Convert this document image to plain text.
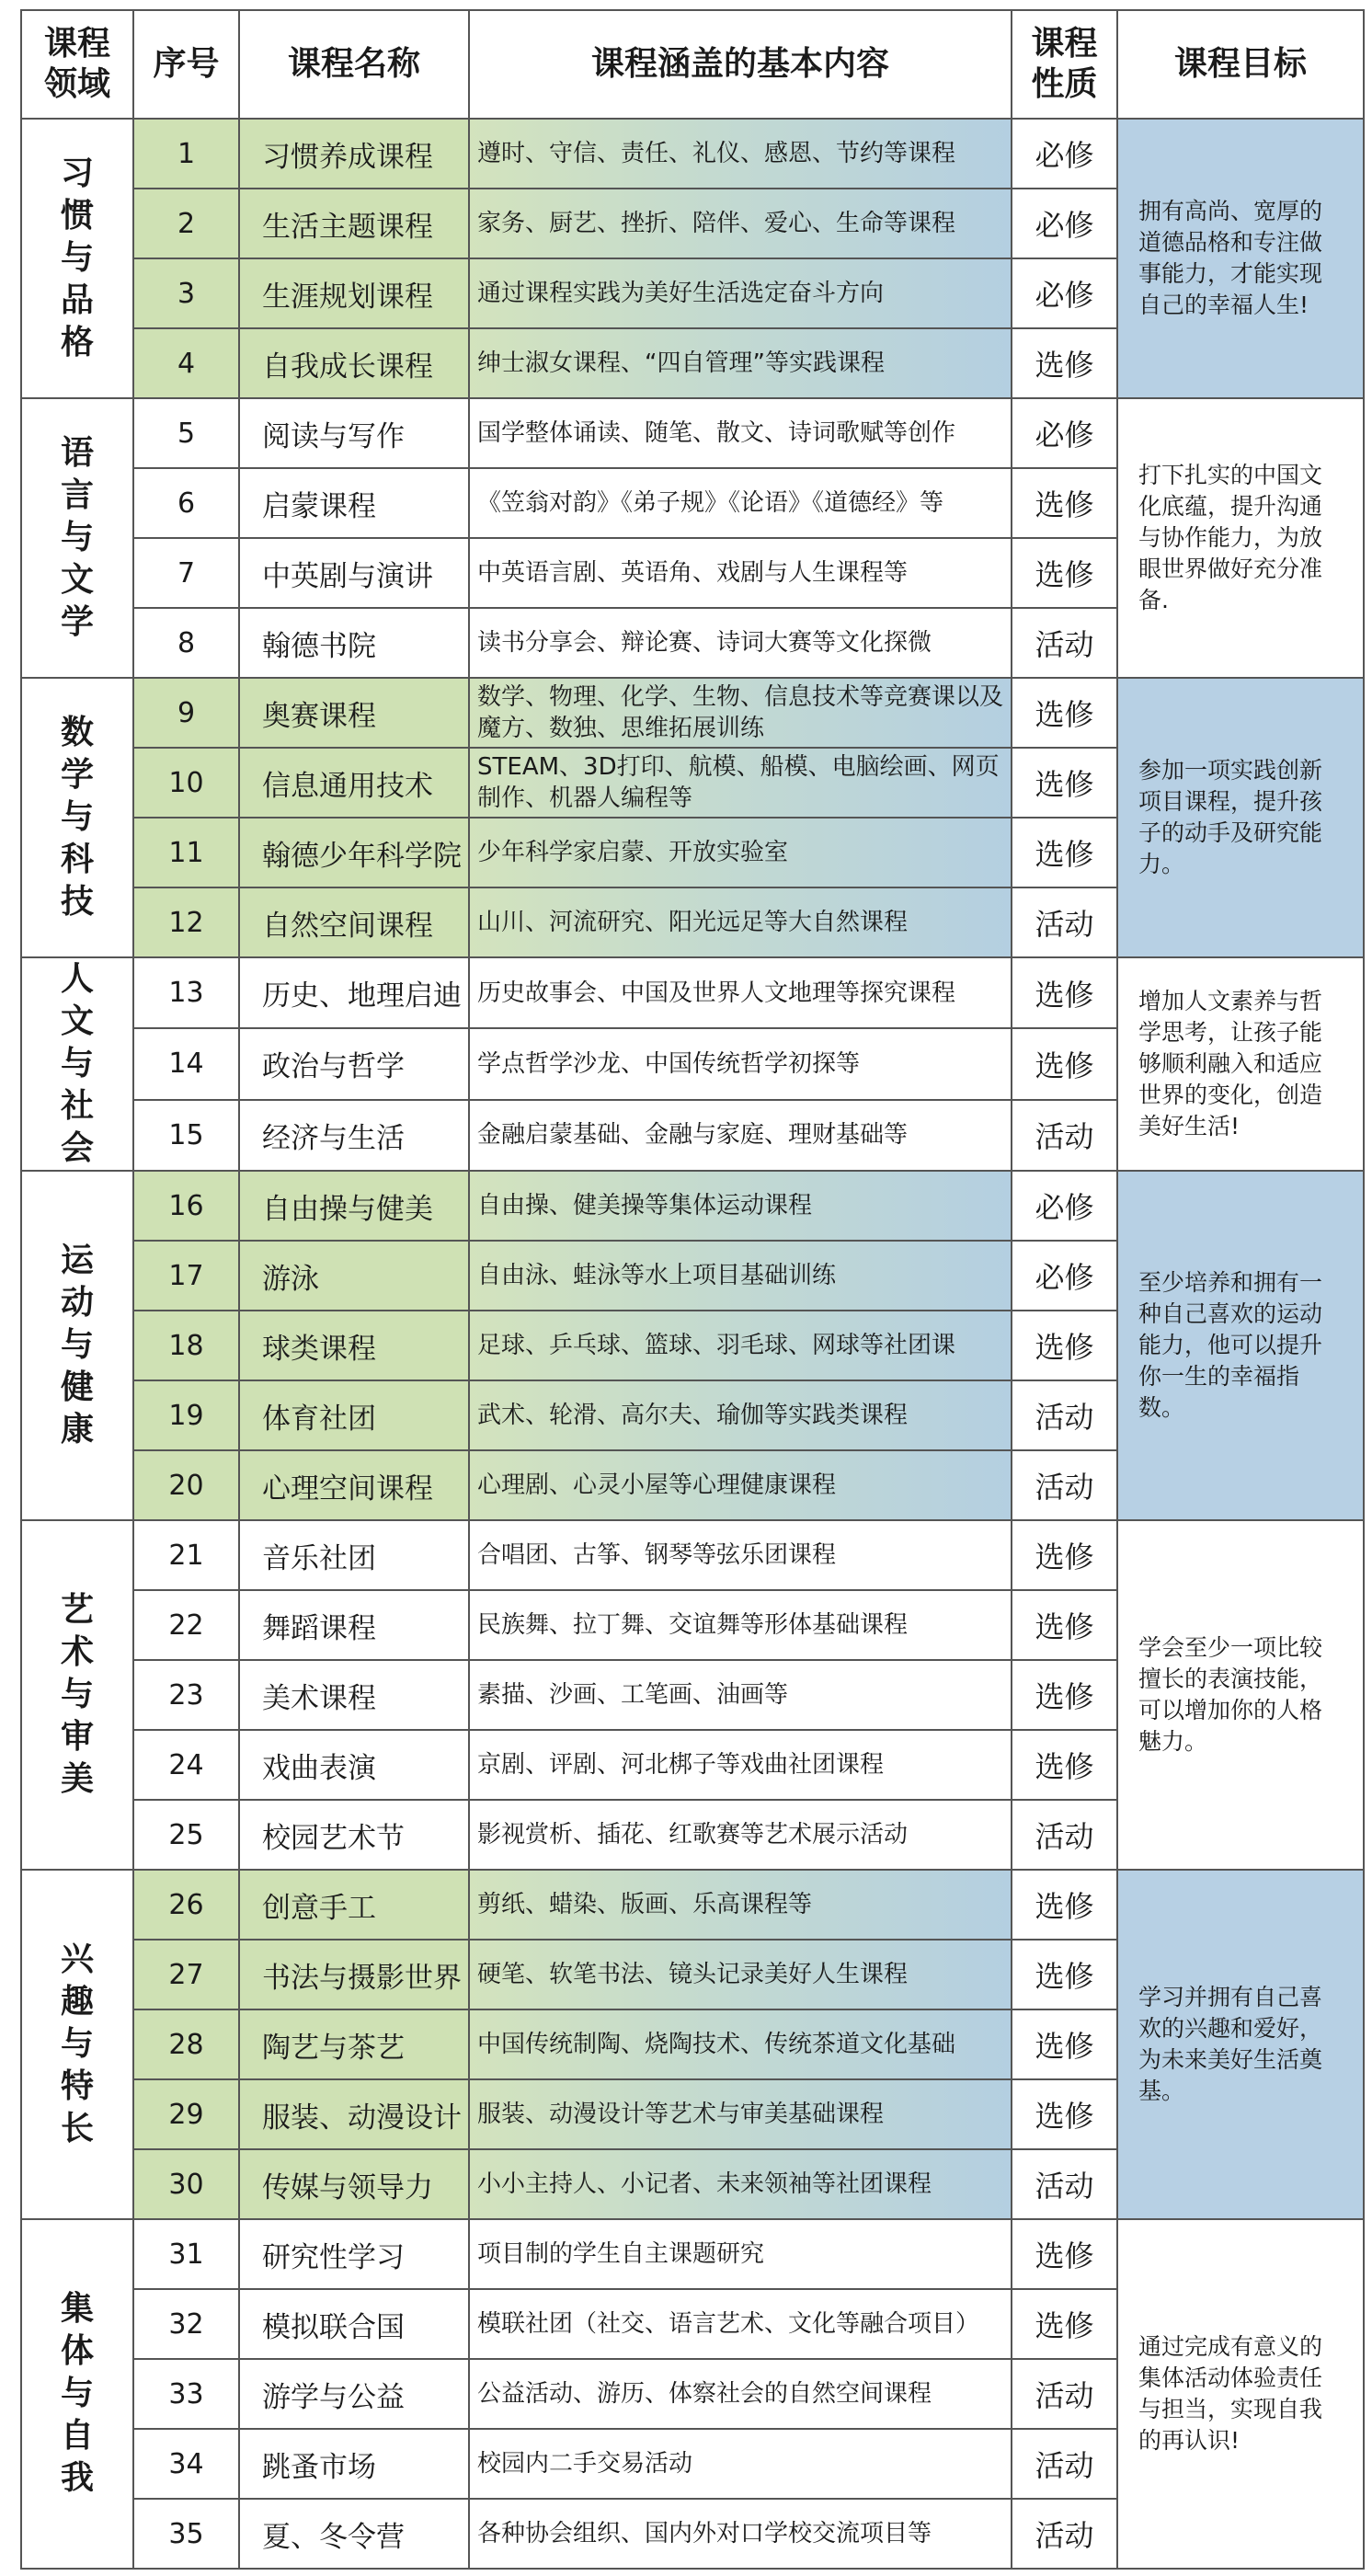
课程领域	序号	课程名称	课程涵盖的基本内容	课程性质	课程目标
习惯与品格	1	习惯养成课程	遵时、守信、责任、礼仪、感恩、节约等课程	必修	拥有高尚、宽厚的道德品格和专注做事能力，才能实现自己的幸福人生!
	2	生活主题课程	家务、厨艺、挫折、陪伴、爱心、生命等课程	必修	
	3	生涯规划课程	通过课程实践为美好生活选定奋斗方向	必修	
	4	自我成长课程	绅士淑女课程、“四自管理”等实践课程	选修	
语言与文学	5	阅读与写作	国学整体诵读、随笔、散文、诗词歌赋等创作	必修	打下扎实的中国文化底蕴，提升沟通与协作能力，为放眼世界做好充分准备.
	6	启蒙课程	《笠翁对韵》《弟子规》《论语》《道德经》等	选修	
	7	中英剧与演讲	中英语言剧、英语角、戏剧与人生课程等	选修	
	8	翰德书院	读书分享会、辩论赛、诗词大赛等文化探微	活动	
数学与科技	9	奥赛课程	数学、物理、化学、生物、信息技术等竞赛课以及魔方、数独、思维拓展训练	选修	参加一项实践创新项目课程，提升孩子的动手及研究能力。
	10	信息通用技术	STEAM、3D打印、航模、船模、电脑绘画、网页制作、机器人编程等	选修	
	11	翰德少年科学院	少年科学家启蒙、开放实验室	选修	
	12	自然空间课程	山川、河流研究、阳光远足等大自然课程	活动	
人文与社会	13	历史、地理启迪	历史故事会、中国及世界人文地理等探究课程	选修	增加人文素养与哲学思考，让孩子能够顺利融入和适应世界的变化，创造美好生活!
	14	政治与哲学	学点哲学沙龙、中国传统哲学初探等	选修	
	15	经济与生活	金融启蒙基础、金融与家庭、理财基础等	活动	
运动与健康	16	自由操与健美	自由操、健美操等集体运动课程	必修	至少培养和拥有一种自己喜欢的运动能力，他可以提升你一生的幸福指数。
	17	游泳	自由泳、蛙泳等水上项目基础训练	必修	
	18	球类课程	足球、乒乓球、篮球、羽毛球、网球等社团课	选修	
	19	体育社团	武术、轮滑、高尔夫、瑜伽等实践类课程	活动	
	20	心理空间课程	心理剧、心灵小屋等心理健康课程	活动	
艺术与审美	21	音乐社团	合唱团、古筝、钢琴等弦乐团课程	选修	学会至少一项比较擅长的表演技能，可以增加你的人格魅力。
	22	舞蹈课程	民族舞、拉丁舞、交谊舞等形体基础课程	选修	
	23	美术课程	素描、沙画、工笔画、油画等	选修	
	24	戏曲表演	京剧、评剧、河北梆子等戏曲社团课程	选修	
	25	校园艺术节	影视赏析、插花、红歌赛等艺术展示活动	活动	
兴趣与特长	26	创意手工	剪纸、蜡染、版画、乐高课程等	选修	学习并拥有自己喜欢的兴趣和爱好，为未来美好生活奠基。
	27	书法与摄影世界	硬笔、软笔书法、镜头记录美好人生课程	选修	
	28	陶艺与茶艺	中国传统制陶、烧陶技术、传统茶道文化基础	选修	
	29	服装、动漫设计	服装、动漫设计等艺术与审美基础课程	选修	
	30	传媒与领导力	小小主持人、小记者、未来领袖等社团课程	活动	
集体与自我	31	研究性学习	项目制的学生自主课题研究	选修	通过完成有意义的集体活动体验责任与担当，实现自我的再认识!
	32	模拟联合国	模联社团（社交、语言艺术、文化等融合项目）	选修	
	33	游学与公益	公益活动、游历、体察社会的自然空间课程	活动	
	34	跳蚤市场	校园内二手交易活动	活动	
	35	夏、冬令营	各种协会组织、国内外对口学校交流项目等	活动	
